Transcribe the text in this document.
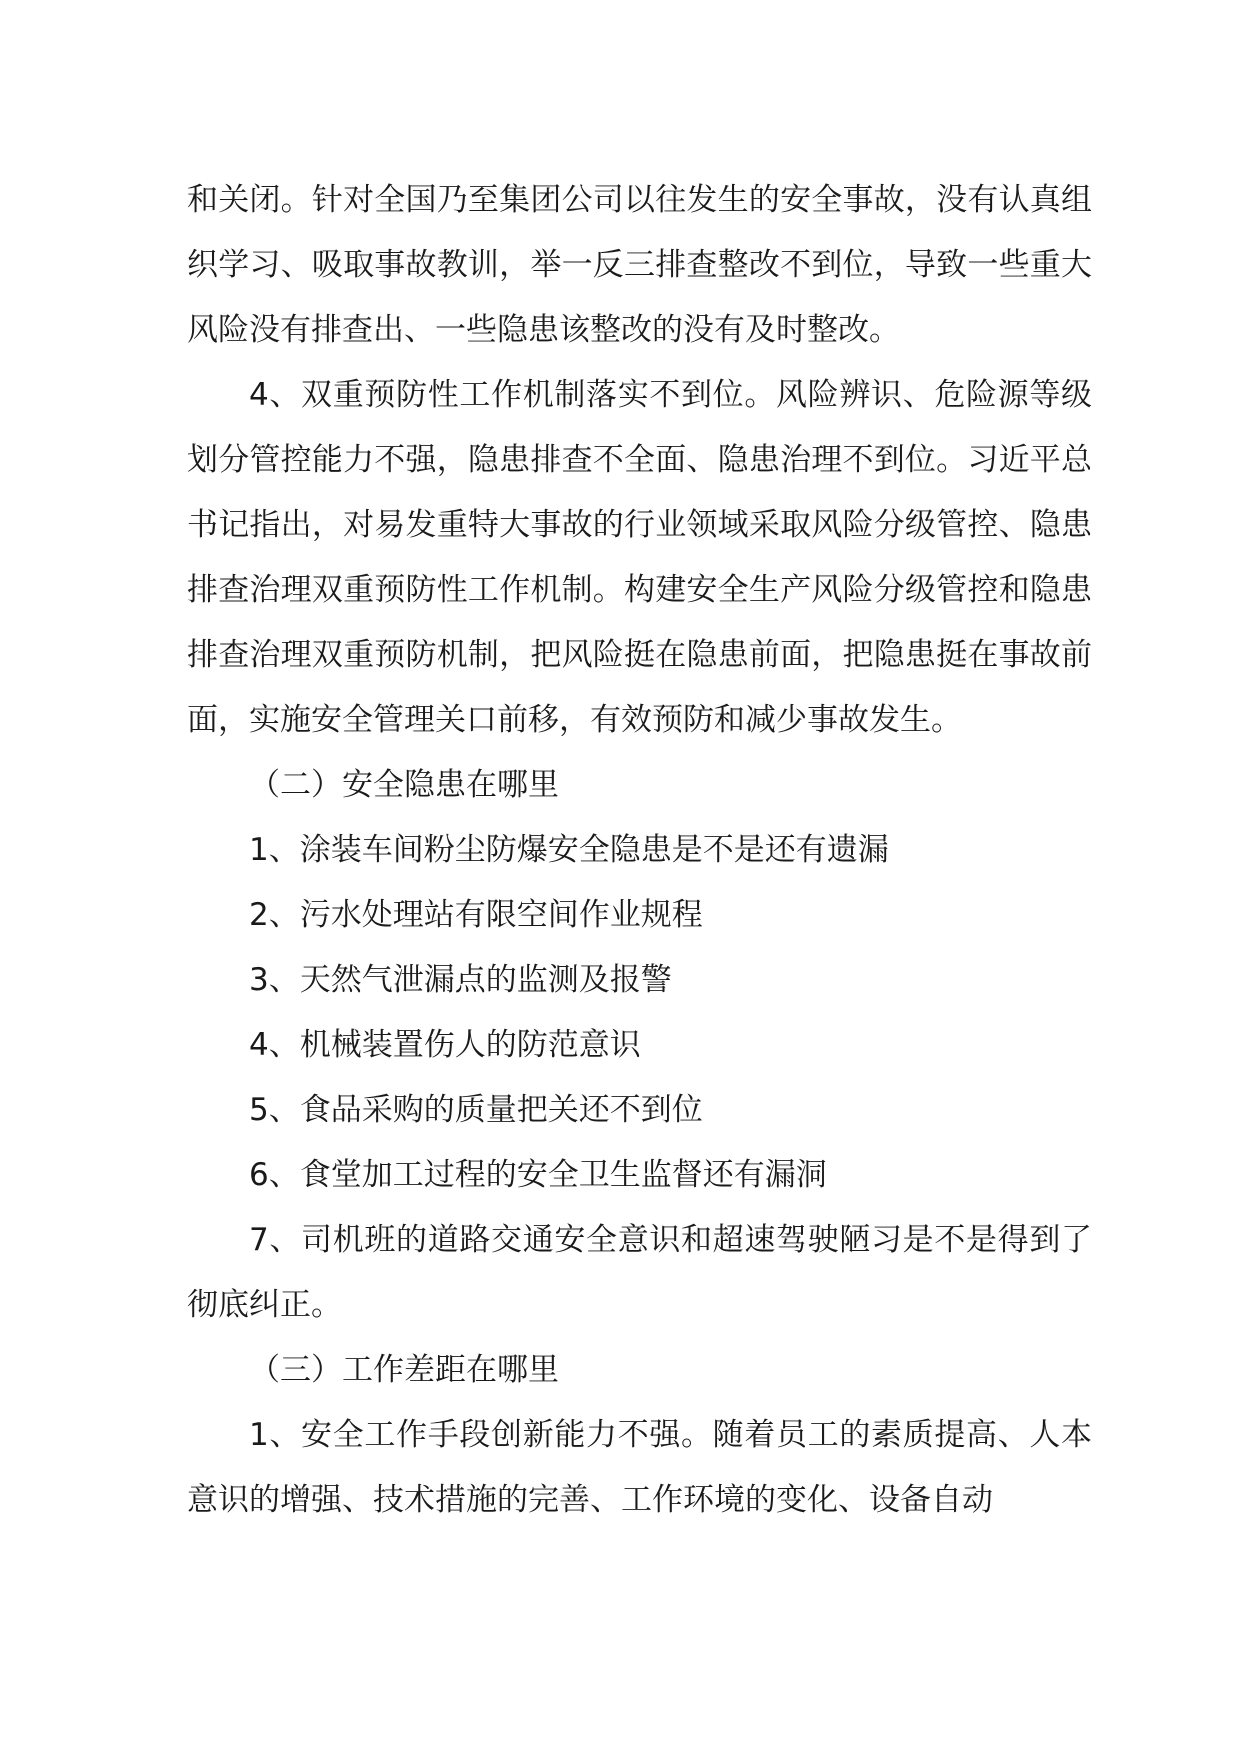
和关闭。针对全国乃至集团公司以往发生的安全事故，没有认真组织学习、吸取事故教训，举一反三排查整改不到位，导致一些重大风险没有排查出、一些隐患该整改的没有及时整改。

4、双重预防性工作机制落实不到位。风险辨识、危险源等级划分管控能力不强，隐患排查不全面、隐患治理不到位。习近平总书记指出，对易发重特大事故的行业领域采取风险分级管控、隐患排查治理双重预防性工作机制。构建安全生产风险分级管控和隐患排查治理双重预防机制，把风险挺在隐患前面，把隐患挺在事故前面，实施安全管理关口前移，有效预防和减少事故发生。

（二）安全隐患在哪里

1、涂装车间粉尘防爆安全隐患是不是还有遗漏

2、污水处理站有限空间作业规程

3、天然气泄漏点的监测及报警

4、机械装置伤人的防范意识

5、食品采购的质量把关还不到位

6、食堂加工过程的安全卫生监督还有漏洞

7、司机班的道路交通安全意识和超速驾驶陋习是不是得到了彻底纠正。

（三）工作差距在哪里

1、安全工作手段创新能力不强。随着员工的素质提高、人本意识的增强、技术措施的完善、工作环境的变化、设备自动
